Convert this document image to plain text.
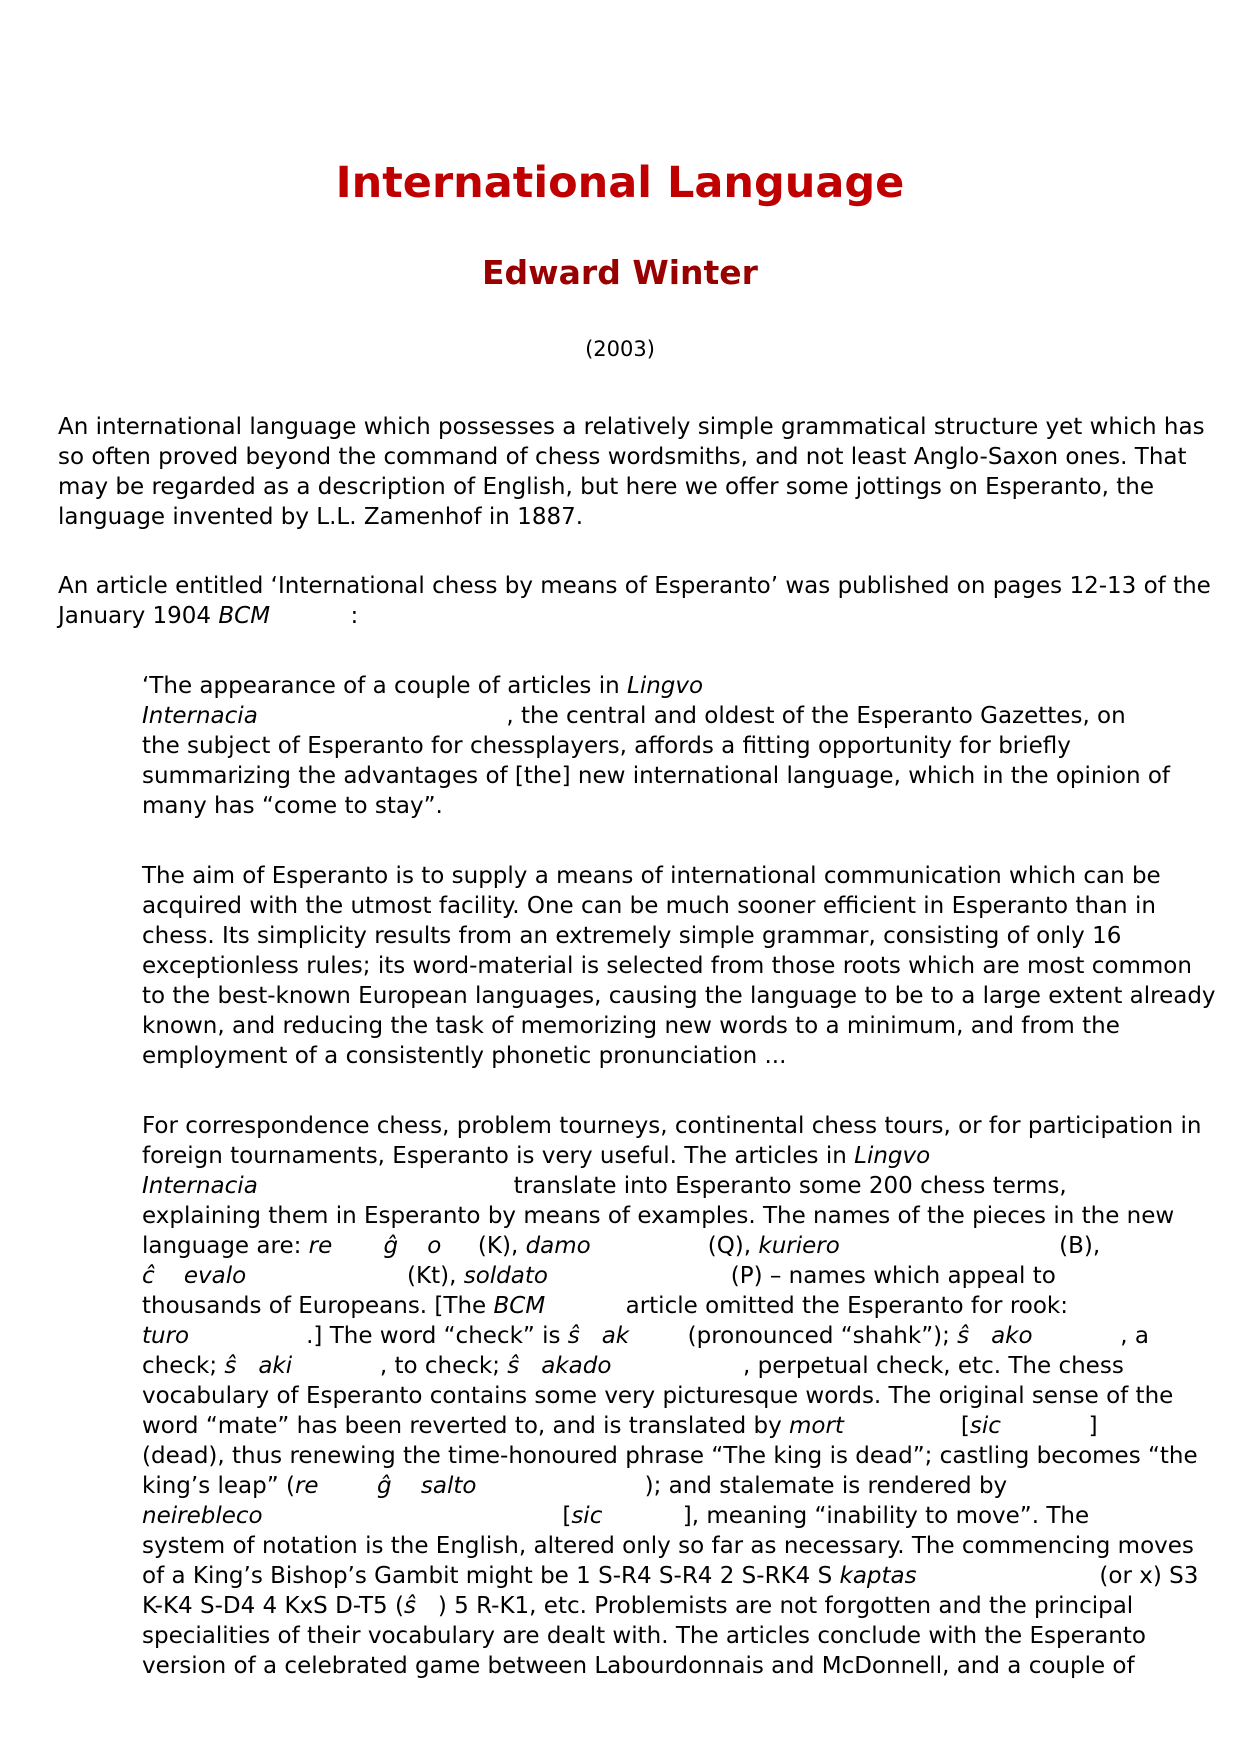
International Language
Edward Winter
(2003)
An international language which possesses a relatively simple grammatical structure yet which has
so often proved beyond the command of chess wordsmiths, and not least Anglo-Saxon ones. That
may be regarded as a description of English, but here we offer some jottings on Esperanto, the
language invented by L.L. Zamenhof in 1887.
An article entitled ‘International chess by means of Esperanto’ was published on pages 12-13 of the
January 1904 BCM           :
‘The appearance of a couple of articles in Lingvo
Internacia                                  , the central and oldest of the Esperanto Gazettes, on
the subject of Esperanto for chessplayers, affords a fitting opportunity for briefly
summarizing the advantages of [the] new international language, which in the opinion of
many has “come to stay”.
The aim of Esperanto is to supply a means of international communication which can be
acquired with the utmost facility. One can be much sooner efficient in Esperanto than in
chess. Its simplicity results from an extremely simple grammar, consisting of only 16
exceptionless rules; its word-material is selected from those roots which are most common
to the best-known European languages, causing the language to be to a large extent already
known, and reducing the task of memorizing new words to a minimum, and from the
employment of a consistently phonetic pronunciation ...
For correspondence chess, problem tourneys, continental chess tours, or for participation in
foreign tournaments, Esperanto is very useful. The articles in Lingvo
Internacia                                   translate into Esperanto some 200 chess terms,
explaining them in Esperanto by means of examples. The names of the pieces in the new
language are: re       ĝ    o     (K), damo                (Q), kuriero                              (B),
ĉ    evalo                      (Kt), soldato                         (P) – names which appeal to
thousands of Europeans. [The BCM           article omitted the Esperanto for rook:
turo                .] The word “check” is ŝ   ak        (pronounced “shahk”); ŝ   ako            , a
check; ŝ   aki            , to check; ŝ   akado                  , perpetual check, etc. The chess
vocabulary of Esperanto contains some very picturesque words. The original sense of the
word “mate” has been reverted to, and is translated by mort                [sic            ]
(dead), thus renewing the time-honoured phrase “The king is dead”; castling becomes “the
king’s leap” (re        ĝ    salto                       ); and stalemate is rendered by
neirebleco                                         [sic           ], meaning “inability to move”. The
system of notation is the English, altered only so far as necessary. The commencing moves
of a King’s Bishop’s Gambit might be 1 S-R4 S-R4 2 S-RK4 S kaptas                         (or x) S3
K-K4 S-D4 4 KxS D-T5 (ŝ   ) 5 R-K1, etc. Problemists are not forgotten and the principal
specialities of their vocabulary are dealt with. The articles conclude with the Esperanto
version of a celebrated game between Labourdonnais and McDonnell, and a couple of
